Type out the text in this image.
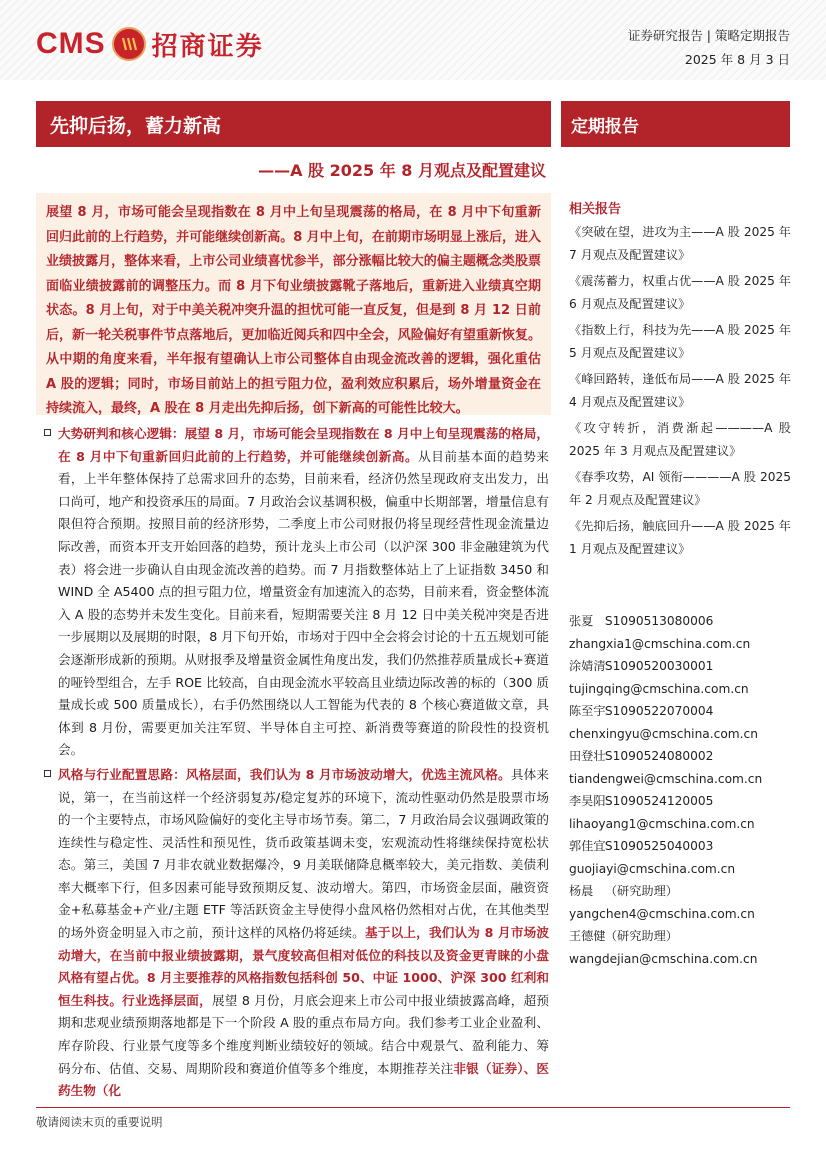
CMS 招商证券	证券研究报告 | 策略定期报告
2025 年 8 月 3 日
先抑后扬，蓄力新高	定期报告
——A 股 2025 年 8 月观点及配置建议
展望 8 月，市场可能会呈现指数在 8 月中上旬呈现震荡的格局，在 8 月中下旬重新回归此前的上行趋势，并可能继续创新高。8 月中上旬，在前期市场明显上涨后，进入业绩披露月，整体来看，上市公司业绩喜忧参半，部分涨幅比较大的偏主题概念类股票面临业绩披露前的调整压力。而 8 月下旬业绩披露靴子落地后，重新进入业绩真空期状态。8 月上旬，对于中美关税冲突升温的担忧可能一直反复，但是到 8 月 12 日前后，新一轮关税事件节点落地后，更加临近阅兵和四中全会，风险偏好有望重新恢复。从中期的角度来看，半年报有望确认上市公司整体自由现金流改善的逻辑，强化重估 A 股的逻辑；同时，市场目前站上的担亏阻力位，盈利效应积累后，场外增量资金在持续流入，最终，A 股在 8 月走出先抑后扬，创下新高的可能性比较大。
大势研判和核心逻辑：展望 8 月，市场可能会呈现指数在 8 月中上旬呈现震荡的格局，在 8 月中下旬重新回归此前的上行趋势，并可能继续创新高。从目前基本面的趋势来看，上半年整体保持了总需求回升的态势，目前来看，经济仍然呈现政府支出发力，出口尚可，地产和投资承压的局面。7 月政治会议基调积极，偏重中长期部署，增量信息有限但符合预期。按照目前的经济形势，二季度上市公司财报仍将呈现经营性现金流量边际改善，而资本开支开始回落的趋势，预计龙头上市公司（以沪深 300 非金融建筑为代表）将会进一步确认自由现金流改善的趋势。而 7 月指数整体站上了上证指数 3450 和 WIND 全 A5400 点的担亏阻力位，增量资金有加速流入的态势，目前来看，资金整体流入 A 股的态势并未发生变化。目前来看，短期需要关注 8 月 12 日中美关税冲突是否进一步展期以及展期的时限，8 月下旬开始，市场对于四中全会将会讨论的十五五规划可能会逐渐形成新的预期。从财报季及增量资金属性角度出发，我们仍然推荐质量成长+赛道的哑铃型组合，左手 ROE 比较高，自由现金流水平较高且业绩边际改善的标的（300 质量成长或 500 质量成长），右手仍然围绕以人工智能为代表的 8 个核心赛道做文章，具体到 8 月份，需要更加关注军贸、半导体自主可控、新消费等赛道的阶段性的投资机会。
风格与行业配置思路：风格层面，我们认为 8 月市场波动增大，优选主流风格。具体来说，第一，在当前这样一个经济弱复苏/稳定复苏的环境下，流动性驱动仍然是股票市场的一个主要特点，市场风险偏好的变化主导市场节奏。第二，7 月政治局会议强调政策的连续性与稳定性、灵活性和预见性，货币政策基调未变，宏观流动性将继续保持宽松状态。第三，美国 7 月非农就业数据爆冷，9 月美联储降息概率较大，美元指数、美债利率大概率下行，但多因素可能导致预期反复、波动增大。第四，市场资金层面，融资资金+私募基金+产业/主题 ETF 等活跃资金主导使得小盘风格仍然相对占优，在其他类型的场外资金明显入市之前，预计这样的风格仍将延续。基于以上，我们认为 8 月市场波动增大，在当前中报业绩披露期，景气度较高但相对低位的科技以及资金更青睐的小盘风格有望占优。8 月主要推荐的风格指数包括科创 50、中证 1000、沪深 300 红利和恒生科技。行业选择层面，展望 8 月份，月底会迎来上市公司中报业绩披露高峰，超预期和悲观业绩预期落地都是下一个阶段 A 股的重点布局方向。我们参考工业企业盈利、库存阶段、行业景气度等多个维度判断业绩较好的领域。结合中观景气、盈利能力、筹码分布、估值、交易、周期阶段和赛道价值等多个维度，本期推荐关注非银（证券）、医药生物（化
相关报告
《突破在望，进攻为主——A 股 2025 年 7 月观点及配置建议》
《震荡蓄力，权重占优——A 股 2025 年 6 月观点及配置建议》
《指数上行，科技为先——A 股 2025 年 5 月观点及配置建议》
《峰回路转，逢低布局——A 股 2025 年 4 月观点及配置建议》
《攻守转折，消费渐起————A 股 2025 年 3 月观点及配置建议》
《春季攻势，AI 领衔————A 股 2025 年 2 月观点及配置建议》
《先抑后扬，触底回升——A 股 2025 年 1 月观点及配置建议》
张夏 S1090513080006
zhangxia1@cmschina.com.cn
涂婧清 S1090520030001
tujingqing@cmschina.com.cn
陈至宇 S1090522070004
chenxingyu@cmschina.com.cn
田登壮 S1090524080002
tiandengwei@cmschina.com.cn
李昊阳 S1090524120005
lihaoyang1@cmschina.com.cn
郭佳宜 S1090525040003
guojiayi@cmschina.com.cn
杨晨 （研究助理）
yangchen4@cmschina.com.cn
王德健 （研究助理）
wangdejian@cmschina.com.cn
敬请阅读末页的重要说明
